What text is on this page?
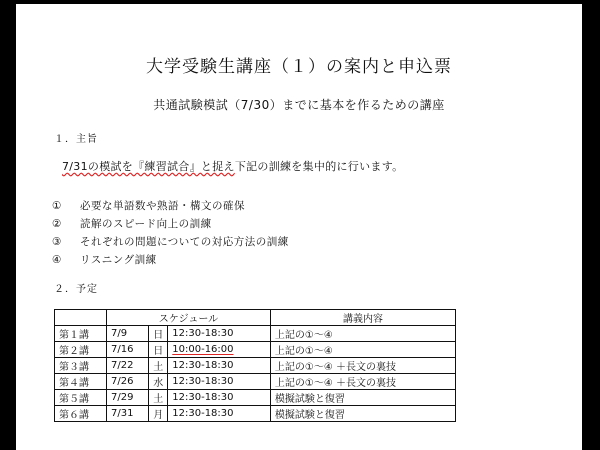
大学受験生講座（１）の案内と申込票
共通試験模試（7/30）までに基本を作るための講座
１．主旨
7/31の模試を『練習試合』と捉え下記の訓練を集中的に行います。
① 必要な単語数や熟語・構文の確保
② 読解のスピード向上の訓練
③ それぞれの問題についての対応方法の訓練
④ リスニング訓練
２．予定
	スケジュール			講義内容
第１講	7/9	日	12:30-18:30	上記の①～④
第２講	7/16	日	10:00-16:00	上記の①～④
第３講	7/22	土	12:30-18:30	上記の①～④ ＋長文の裏技
第４講	7/26	水	12:30-18:30	上記の①～④ ＋長文の裏技
第５講	7/29	土	12:30-18:30	模擬試験と復習
第６講	7/31	月	12:30-18:30	模擬試験と復習
